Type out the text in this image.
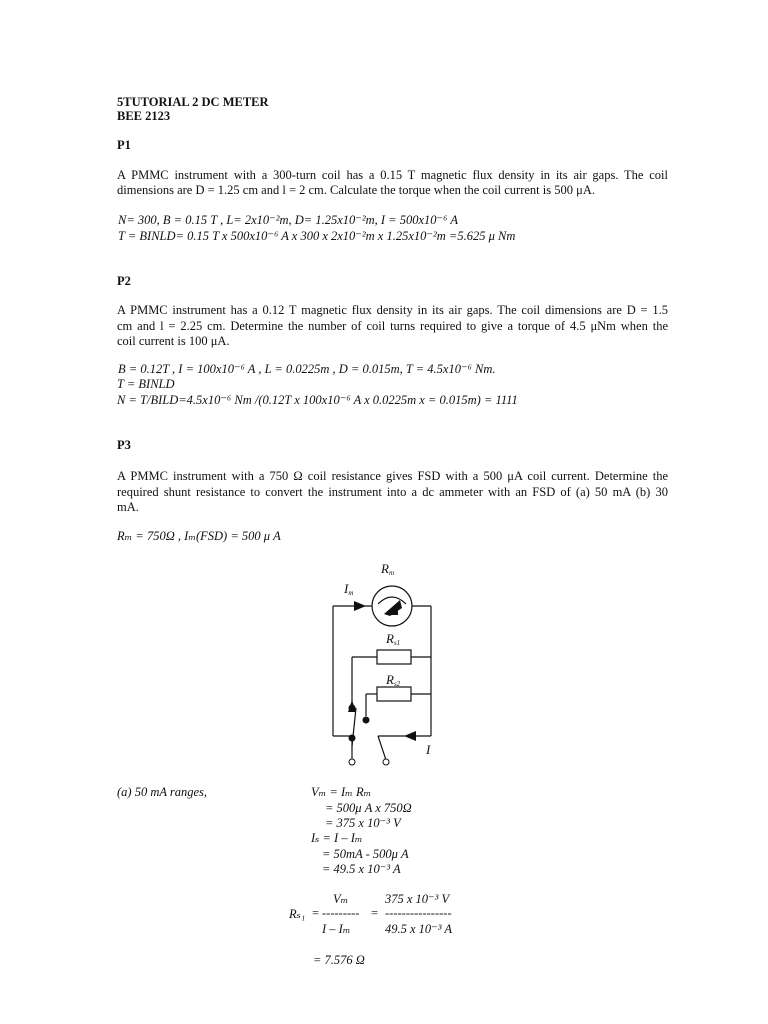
5TUTORIAL 2 DC METER
BEE 2123
P1
A PMMC instrument with a 300-turn coil has a 0.15 T magnetic flux density in its air gaps. The coil
dimensions are D = 1.25 cm and l = 2 cm. Calculate the torque when the coil current is 500 μA.
N= 300, B = 0.15 T , L= 2x10⁻²m, D= 1.25x10⁻²m, I = 500x10⁻⁶ A
T = BINLD= 0.15 T x 500x10⁻⁶ A x 300 x 2x10⁻²m x 1.25x10⁻²m =5.625 μ Nm
P2
A PMMC instrument has a 0.12 T magnetic flux density in its air gaps. The coil dimensions are D = 1.5
cm and l = 2.25 cm. Determine the number of coil turns required to give a torque of 4.5 μNm when the
coil current is 100 μA.
B = 0.12T , I = 100x10⁻⁶ A , L = 0.0225m , D = 0.015m, T = 4.5x10⁻⁶ Nm.
T = BINLD
N = T/BILD=4.5x10⁻⁶ Nm /(0.12T x 100x10⁻⁶ A x 0.0225m x = 0.015m) = 1111
P3
A PMMC instrument with a 750 Ω coil resistance gives FSD with a 500 μA coil current. Determine the
required shunt resistance to convert the instrument into a dc ammeter with an FSD of (a) 50 mA (b) 30
mA.
Rₘ = 750Ω , Iₘ(FSD) = 500 μ A
$R_m$
$I_m$
$R_{s1}$
$R_{s2}$
I
(a) 50 mA ranges,	Vₘ = Iₘ Rₘ
= 500μ A x 750Ω
= 375 x 10⁻³ V
Iₛ = I – Iₘ
= 50mA - 500μ A
= 49.5 x 10⁻³ A
Vₘ	375 x 10⁻³ V
Rₛ₁ = --------- = ----------------
I – Iₘ	49.5 x 10⁻³ A
= 7.576 Ω
